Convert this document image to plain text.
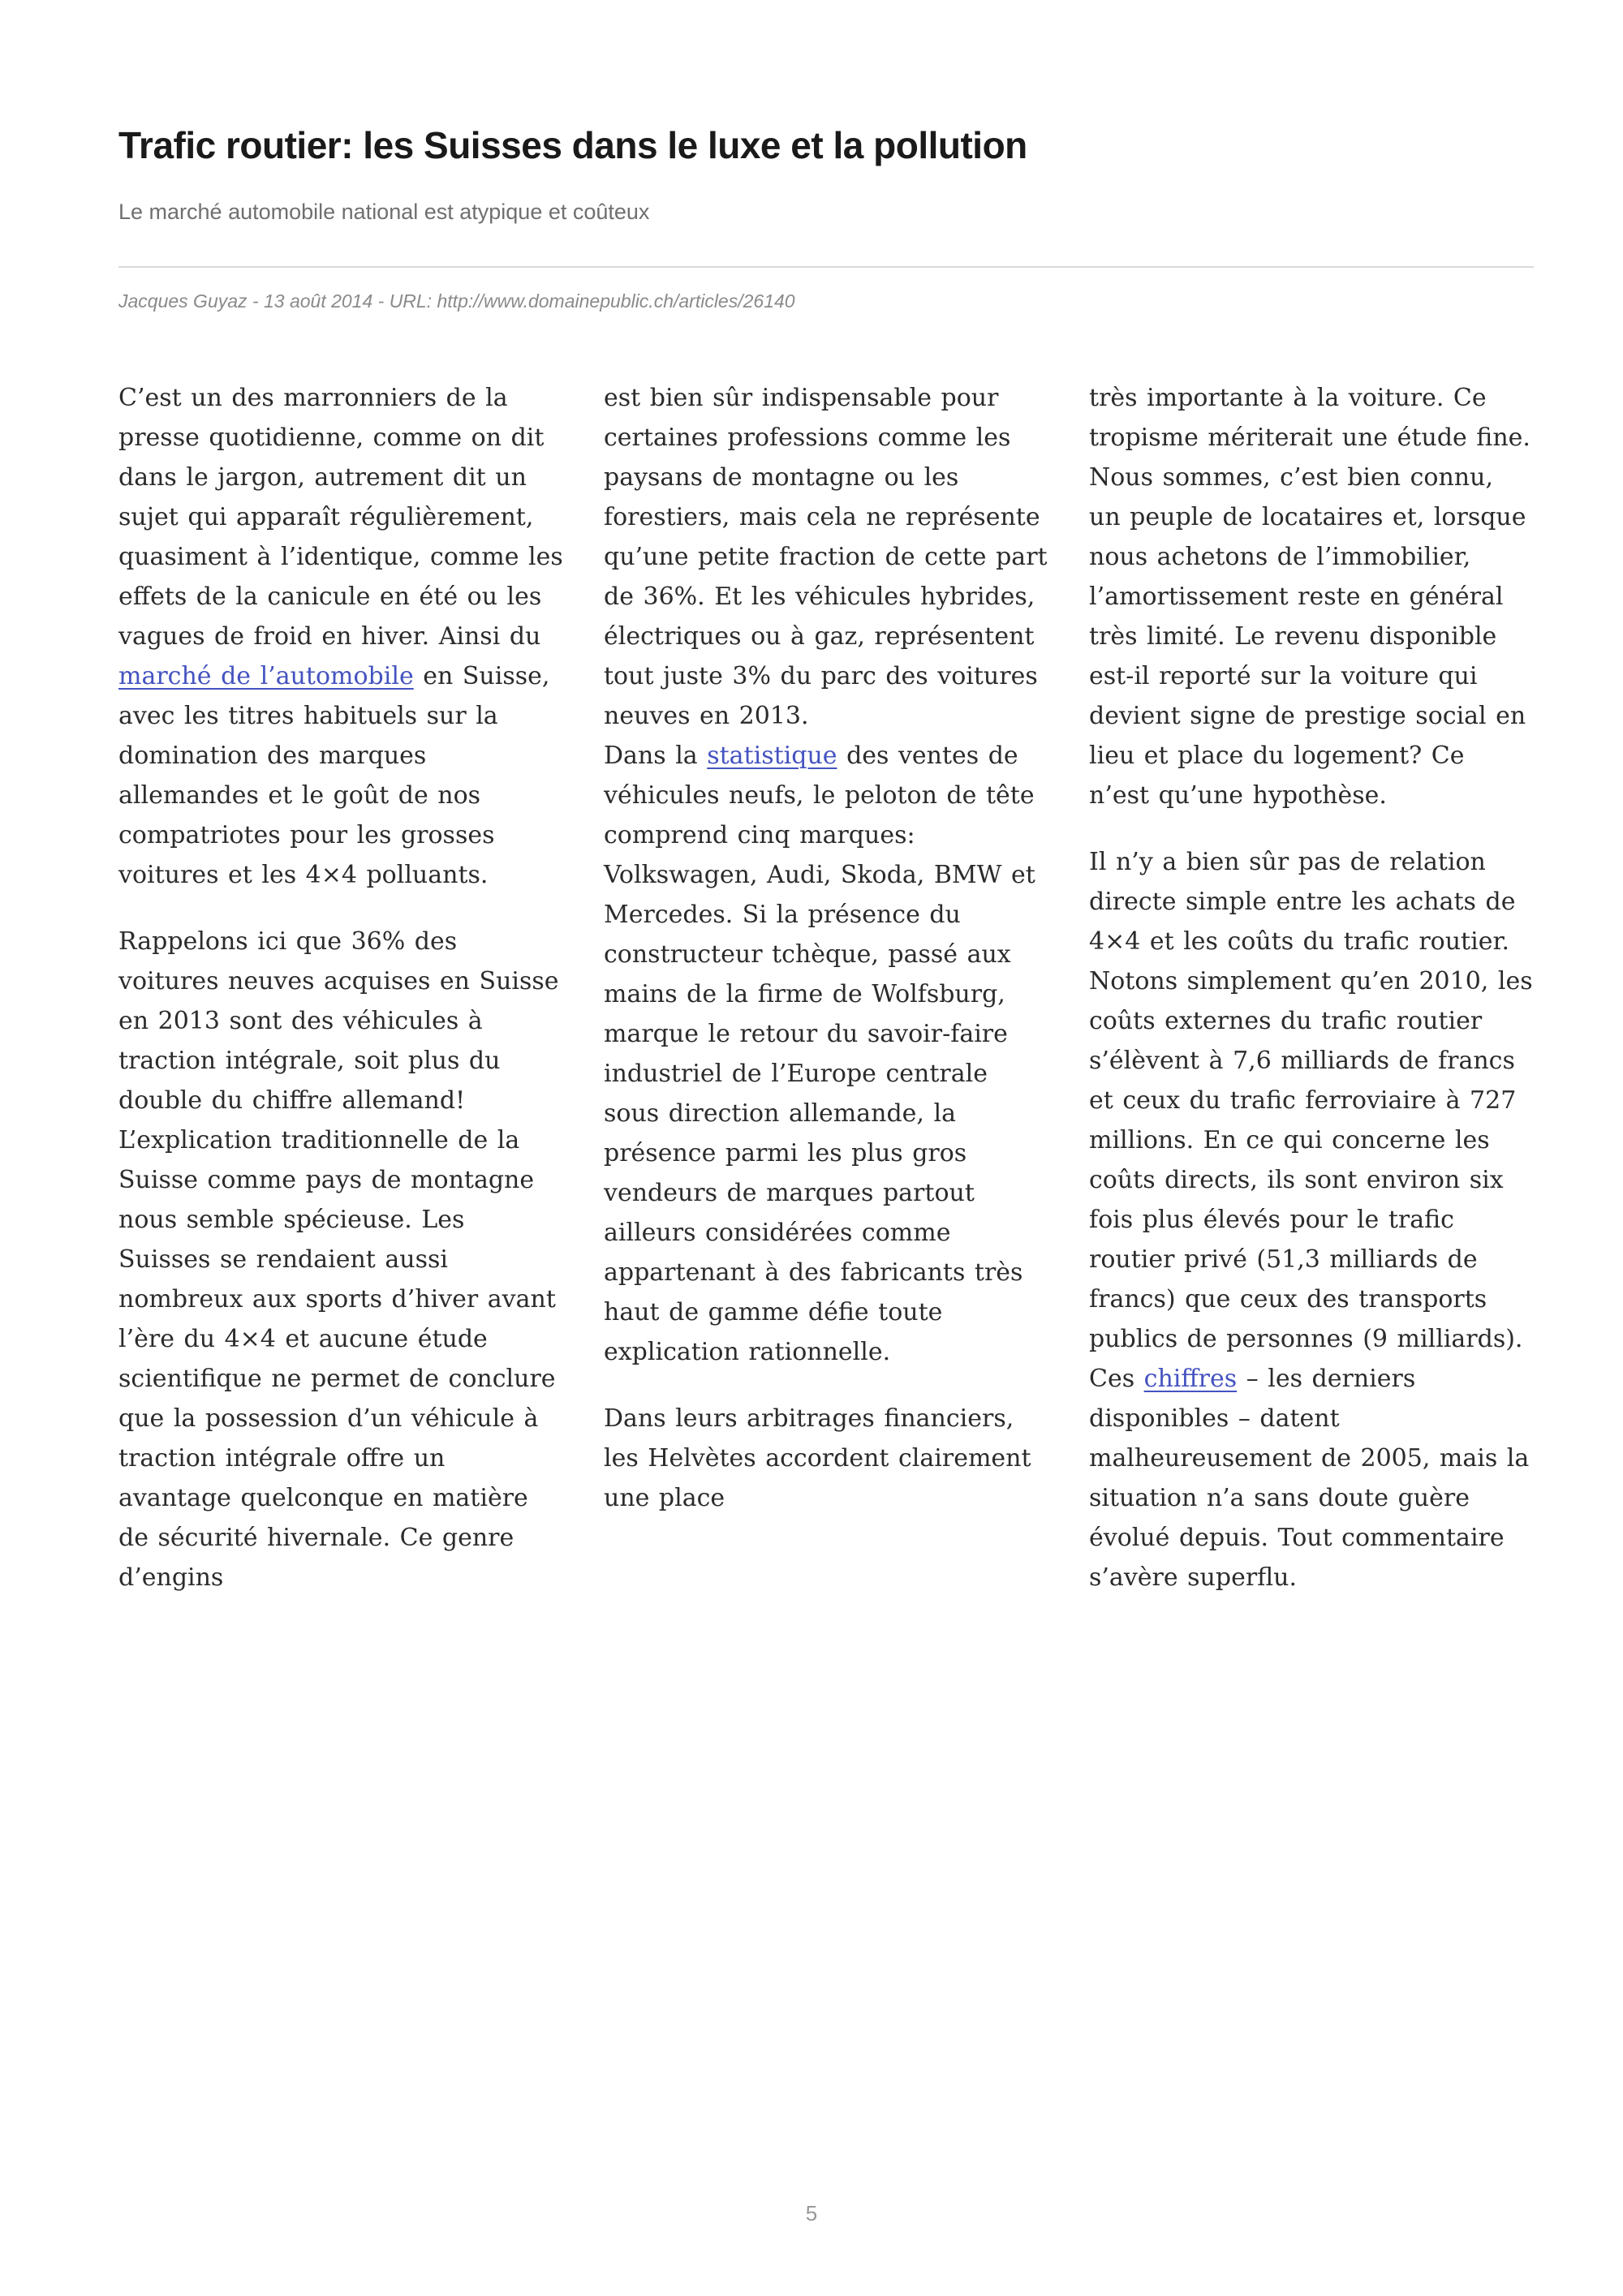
Trafic routier: les Suisses dans le luxe et la pollution
Le marché automobile national est atypique et coûteux
Jacques Guyaz - 13 août 2014 - URL: http://www.domainepublic.ch/articles/26140

C’est un des marronniers de la presse quotidienne, comme on dit dans le jargon, autrement dit un sujet qui apparaît régulièrement, quasiment à l’identique, comme les effets de la canicule en été ou les vagues de froid en hiver. Ainsi du marché de l’automobile en Suisse, avec les titres habituels sur la domination des marques allemandes et le goût de nos compatriotes pour les grosses voitures et les 4×4 polluants.

Rappelons ici que 36% des voitures neuves acquises en Suisse en 2013 sont des véhicules à traction intégrale, soit plus du double du chiffre allemand! L’explication traditionnelle de la Suisse comme pays de montagne nous semble spécieuse. Les Suisses se rendaient aussi nombreux aux sports d’hiver avant l’ère du 4×4 et aucune étude scientifique ne permet de conclure que la possession d’un véhicule à traction intégrale offre un avantage quelconque en matière de sécurité hivernale. Ce genre d’engins

est bien sûr indispensable pour certaines professions comme les paysans de montagne ou les forestiers, mais cela ne représente qu’une petite fraction de cette part de 36%. Et les véhicules hybrides, électriques ou à gaz, représentent tout juste 3% du parc des voitures neuves en 2013.

Dans la statistique des ventes de véhicules neufs, le peloton de tête comprend cinq marques: Volkswagen, Audi, Skoda, BMW et Mercedes. Si la présence du constructeur tchèque, passé aux mains de la firme de Wolfsburg, marque le retour du savoir-faire industriel de l’Europe centrale sous direction allemande, la présence parmi les plus gros vendeurs de marques partout ailleurs considérées comme appartenant à des fabricants très haut de gamme défie toute explication rationnelle.

Dans leurs arbitrages financiers, les Helvètes accordent clairement une place

très importante à la voiture. Ce tropisme mériterait une étude fine. Nous sommes, c’est bien connu, un peuple de locataires et, lorsque nous achetons de l’immobilier, l’amortissement reste en général très limité. Le revenu disponible est-il reporté sur la voiture qui devient signe de prestige social en lieu et place du logement? Ce n’est qu’une hypothèse.

Il n’y a bien sûr pas de relation directe simple entre les achats de 4×4 et les coûts du trafic routier. Notons simplement qu’en 2010, les coûts externes du trafic routier s’élèvent à 7,6 milliards de francs et ceux du trafic ferroviaire à 727 millions. En ce qui concerne les coûts directs, ils sont environ six fois plus élevés pour le trafic routier privé (51,3 milliards de francs) que ceux des transports publics de personnes (9 milliards). Ces chiffres – les derniers disponibles – datent malheureusement de 2005, mais la situation n’a sans doute guère évolué depuis. Tout commentaire s’avère superflu.

5
